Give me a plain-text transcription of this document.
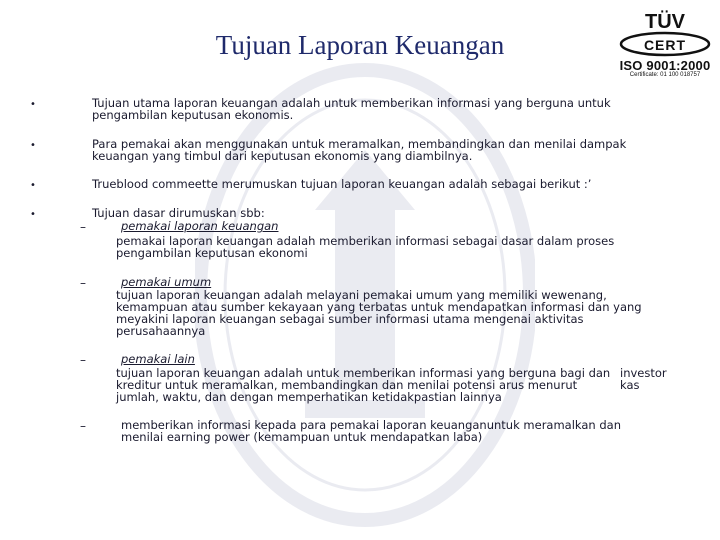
Tujuan Laporan Keuangan
TÜV
CERT
ISO 9001:2000
Certificate: 01 100 018757
•	Tujuan utama laporan keuangan adalah untuk memberikan informasi yang berguna untuk pengambilan keputusan ekonomis.
•	Para pemakai akan menggunakan untuk meramalkan, membandingkan dan menilai dampak keuangan yang timbul dari keputusan ekonomis yang diambilnya.
•	Trueblood commeette merumuskan tujuan laporan keuangan adalah sebagai berikut :’
•	Tujuan dasar dirumuskan sbb:
–	pemakai laporan keuangan
pemakai laporan keuangan adalah memberikan informasi sebagai dasar dalam proses pengambilan keputusan ekonomi
–	pemakai umum
tujuan laporan keuangan adalah melayani pemakai umum yang memiliki wewenang, kemampuan atau sumber kekayaan yang terbatas untuk mendapatkan informasi dan yang meyakini laporan keuangan sebagai sumber informasi utama mengenai aktivitas perusahaannya
–	pemakai lain
tujuan laporan keuangan adalah untuk memberikan informasi yang berguna bagi dan kreditur untuk meramalkan, membandingkan dan menilai potensi arus menurut jumlah, waktu, dan dengan memperhatikan ketidakpastian lainnya
investor
kas
–	memberikan informasi kepada para pemakai laporan keuanganuntuk meramalkan dan menilai earning power (kemampuan untuk mendapatkan laba)
